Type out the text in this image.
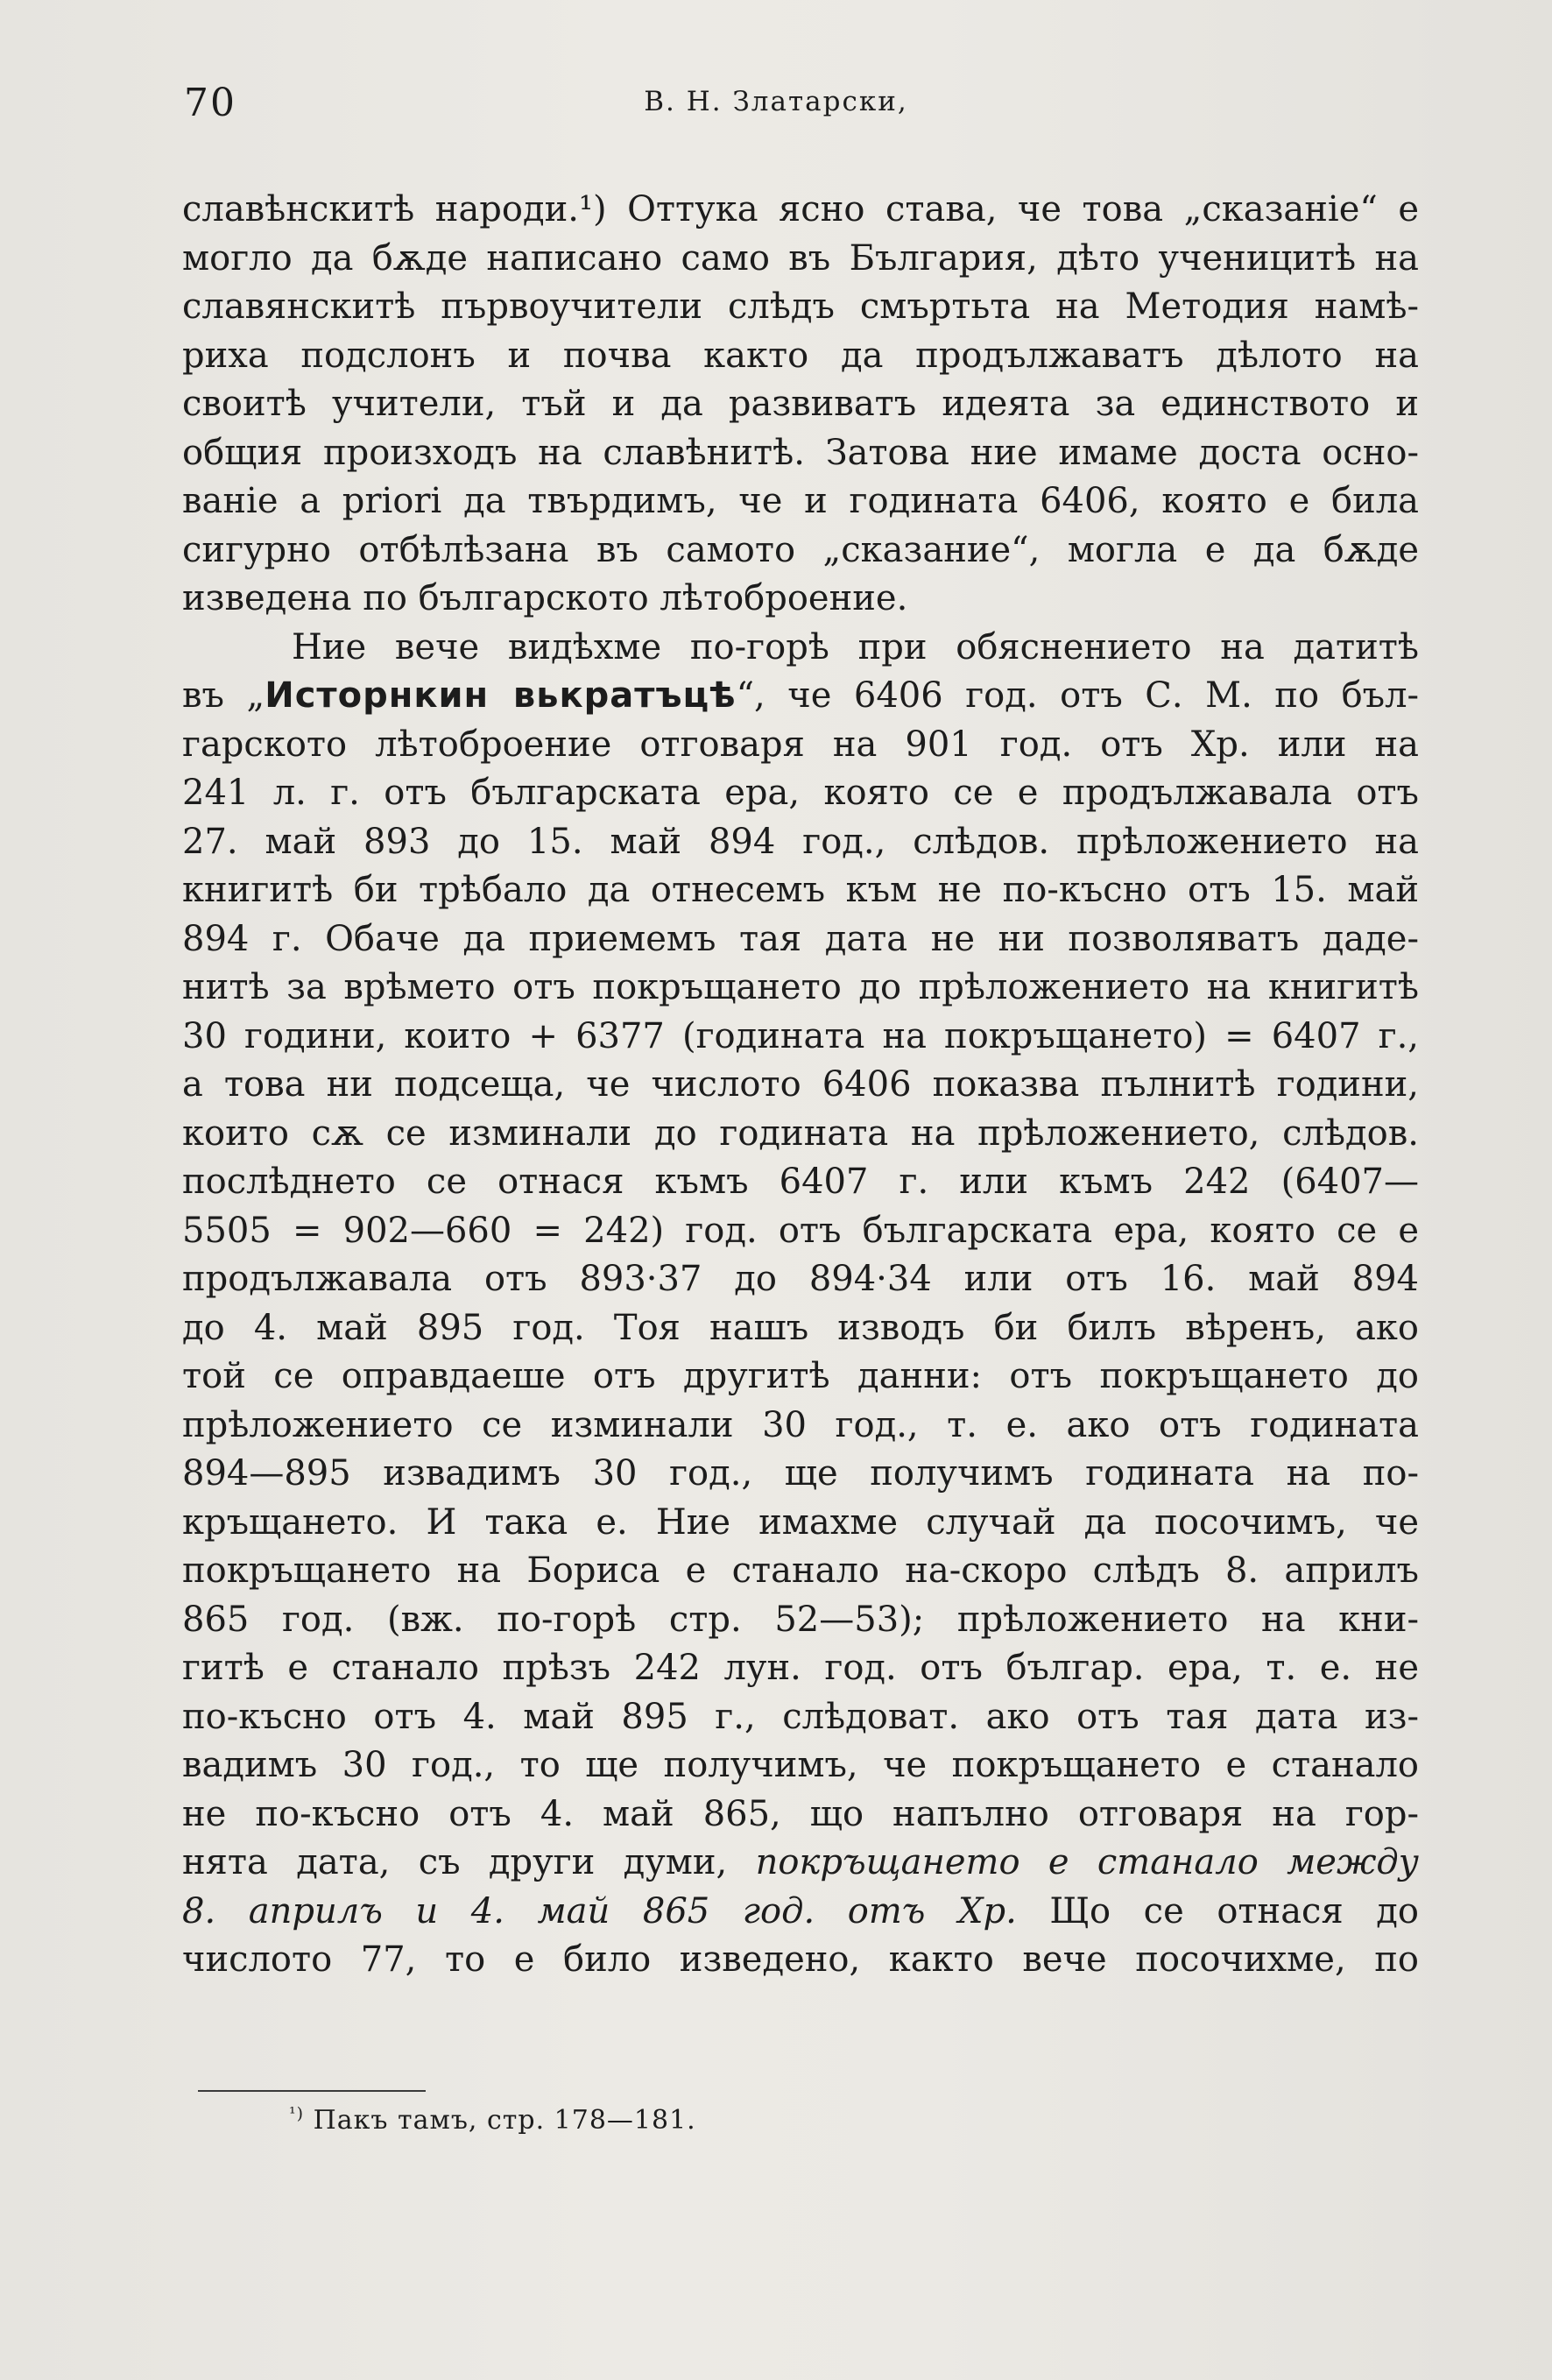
70	В. Н. Златарски,
славѣнскитѣ народи.¹) Оттука ясно става, че това „сказаніе“ е
могло да бѫде написано само въ България, дѣто ученицитѣ на
славянскитѣ първоучители слѣдъ смъртьта на Методия намѣ-
риха подслонъ и почва както да продължаватъ дѣлото на
своитѣ учители, тъй и да развиватъ идеята за единството и
общия произходъ на славѣнитѣ. Затова ние имаме доста осно-
ваніе a priori да твърдимъ, че и годината 6406, която е била
сигурно отбѣлѣзана въ самото „сказание“, могла е да бѫде
изведена по българското лѣтоброение.
Ние вече видѣхме по-горѣ при обяснението на датитѣ
въ „Исторнкин вькратъцѣ“, че 6406 год. отъ С. М. по бъл-
гарското лѣтоброение отговаря на 901 год. отъ Хр. или на
241 л. г. отъ българската ера, която се е продължавала отъ
27. май 893 до 15. май 894 год., слѣдов. прѣложението на
книгитѣ би трѣбало да отнесемъ към не по-късно отъ 15. май
894 г. Обаче да приемемъ тая дата не ни позволяватъ даде-
нитѣ за врѣмето отъ покръщането до прѣложението на книгитѣ
30 години, които + 6377 (годината на покръщането) = 6407 г.,
а това ни подсеща, че числото 6406 показва пълнитѣ години,
които сѫ се изминали до годината на прѣложението, слѣдов.
послѣднето се отнася къмъ 6407 г. или къмъ 242 (6407—
5505 = 902—660 = 242) год. отъ българската ера, която се е
продължавала отъ 893·37 до 894·34 или отъ 16. май 894
до 4. май 895 год. Тоя нашъ изводъ би билъ вѣренъ, ако
той се оправдаеше отъ другитѣ данни: отъ покръщането до
прѣложението се изминали 30 год., т. е. ако отъ годината
894—895 извадимъ 30 год., ще получимъ годината на по-
кръщането. И така е. Ние имахме случай да посочимъ, че
покръщането на Бориса е станало на-скоро слѣдъ 8. априлъ
865 год. (вж. по-горѣ стр. 52—53); прѣложението на кни-
гитѣ е станало прѣзъ 242 лун. год. отъ българ. ера, т. е. не
по-късно отъ 4. май 895 г., слѣдоват. ако отъ тая дата из-
вадимъ 30 год., то ще получимъ, че покръщането е станало
не по-късно отъ 4. май 865, що напълно отговаря на гор-
нята дата, съ други думи, покръщането е станало между
8. априлъ и 4. май 865 год. отъ Хр. Що се отнася до
числото 77, то е било изведено, както вече посочихме, по
$^{^1)}$ Пакъ тамъ, стр. 178—181.
